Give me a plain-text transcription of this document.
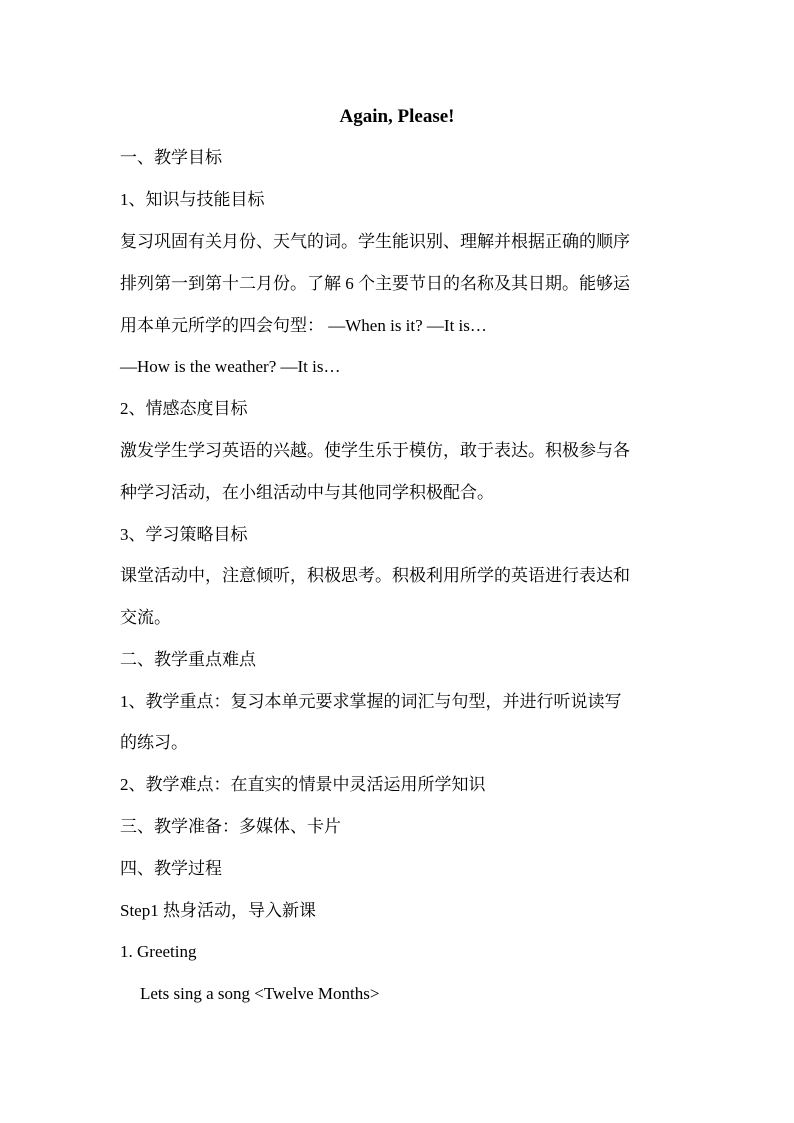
Again, Please!
一、教学目标
1、知识与技能目标
复习巩固有关月份、天气的词。学生能识别、理解并根据正确的顺序
排列第一到第十二月份。了解 6 个主要节日的名称及其日期。能够运
用本单元所学的四会句型： —When is it? —It is…
—How is the weather? —It is…
2、情感态度目标
激发学生学习英语的兴越。使学生乐于模仿，敢于表达。积极参与各
种学习活动，在小组活动中与其他同学积极配合。
3、学习策略目标
课堂活动中，注意倾听，积极思考。积极利用所学的英语进行表达和
交流。
二、教学重点难点
1、教学重点：复习本单元要求掌握的词汇与句型，并进行听说读写
的练习。
2、教学难点：在直实的情景中灵活运用所学知识
三、教学准备：多媒体、卡片
四、教学过程
Step1 热身活动，导入新课
1. Greeting
Lets sing a song <Twelve Months>
